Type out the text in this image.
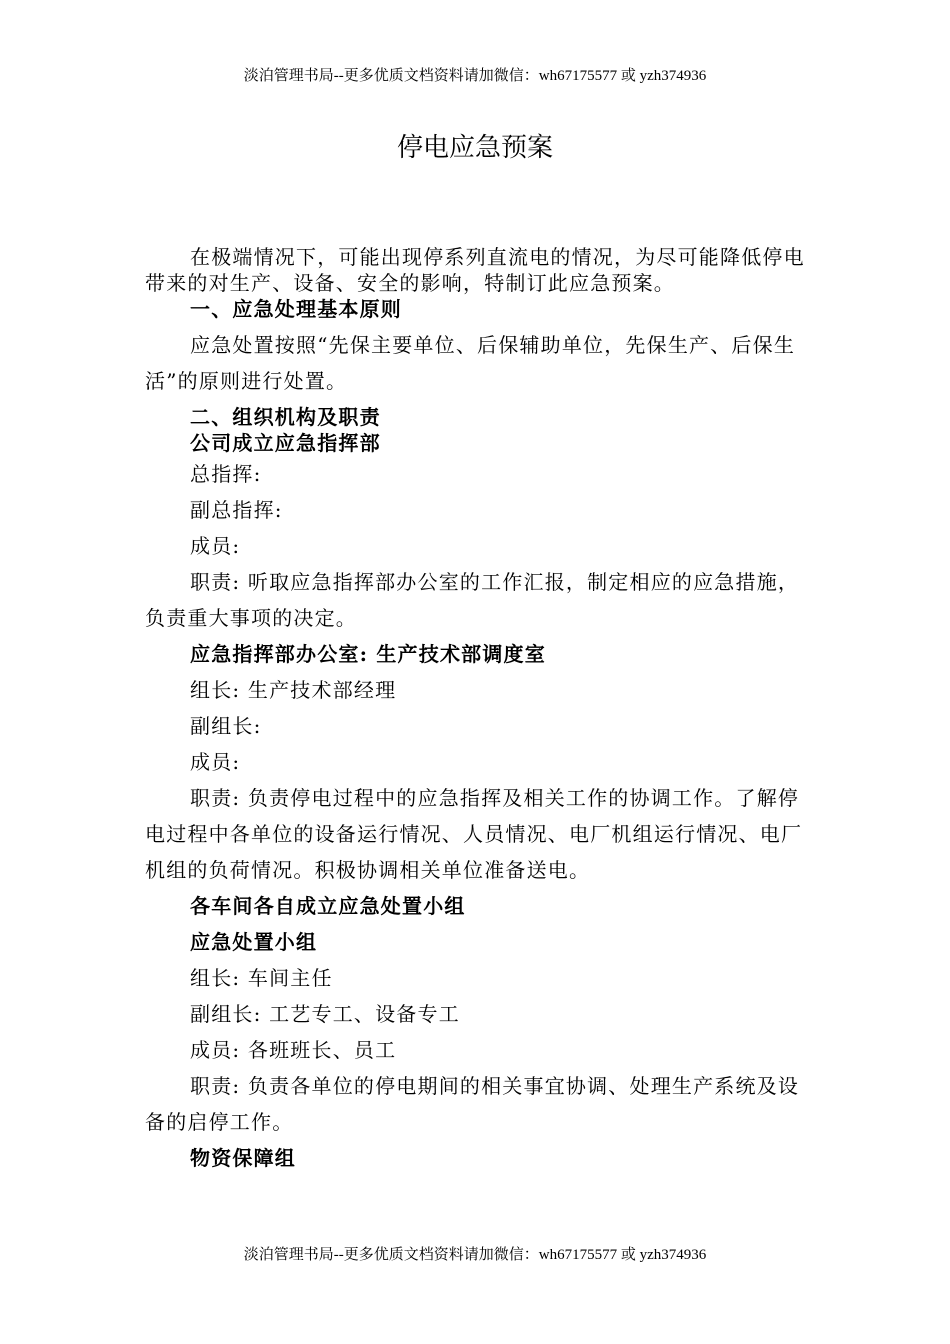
淡泊管理书局--更多优质文档资料请加微信：wh67175577 或 yzh374936
停电应急预案

在极端情况下，可能出现停系列直流电的情况，为尽可能降低停电带来的对生产、设备、安全的影响，特制订此应急预案。

一、应急处理基本原则

应急处置按照“先保主要单位、后保辅助单位，先保生产、后保生活”的原则进行处置。

二、组织机构及职责

公司成立应急指挥部

总指挥:

副总指挥:

成员:

职责: 听取应急指挥部办公室的工作汇报，制定相应的应急措施，负责重大事项的决定。

应急指挥部办公室: 生产技术部调度室

组长: 生产技术部经理

副组长:

成员:

职责: 负责停电过程中的应急指挥及相关工作的协调工作。了解停电过程中各单位的设备运行情况、人员情况、电厂机组运行情况、电厂机组的负荷情况。积极协调相关单位准备送电。

各车间各自成立应急处置小组

应急处置小组

组长: 车间主任

副组长: 工艺专工、设备专工

成员: 各班班长、员工

职责: 负责各单位的停电期间的相关事宜协调、处理生产系统及设备的启停工作。

物资保障组

淡泊管理书局--更多优质文档资料请加微信：wh67175577 或 yzh374936
